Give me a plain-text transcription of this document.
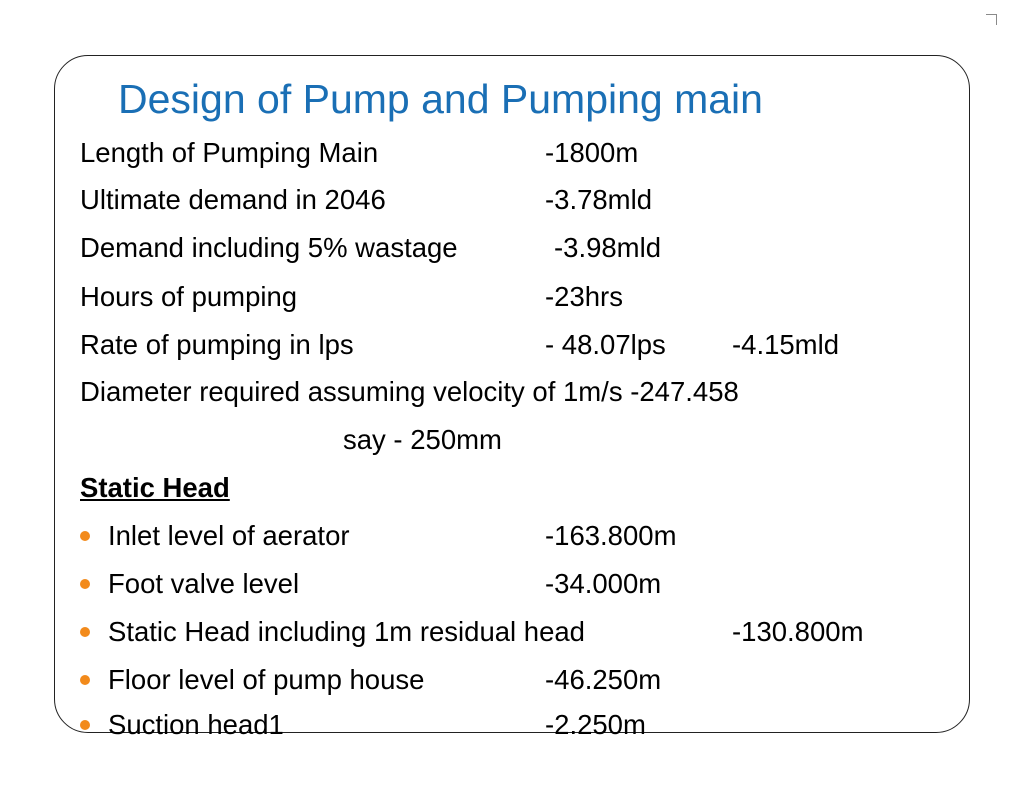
Design of Pump and Pumping main
Length of Pumping Main	-1800m
Ultimate demand in 2046	-3.78mld
Demand including 5% wastage	-3.98mld
Hours of pumping	-23hrs
Rate of pumping in lps	- 48.07lps -4.15mld
Diameter required assuming velocity of 1m/s -247.458
say - 250mm
Static Head
Inlet level of aerator	-163.800m
Foot valve level	-34.000m
Static Head including 1m residual head	-130.800m
Floor level of pump house	-46.250m
Suction head1	-2.250m
